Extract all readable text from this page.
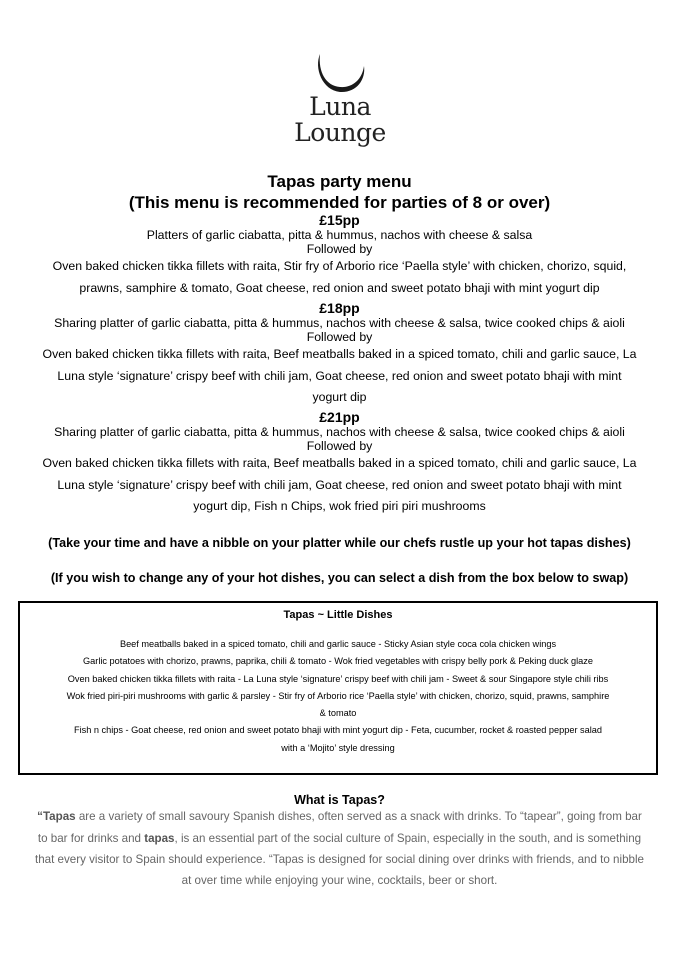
Luna
Lounge
Tapas party menu
(This menu is recommended for parties of 8 or over)
£15pp
Platters of garlic ciabatta, pitta & hummus, nachos with cheese & salsa
Followed by
Oven baked chicken tikka fillets with raita, Stir fry of Arborio rice ‘Paella style’ with chicken, chorizo, squid,
prawns, samphire & tomato, Goat cheese, red onion and sweet potato bhaji with mint yogurt dip
£18pp
Sharing platter of garlic ciabatta, pitta & hummus, nachos with cheese & salsa, twice cooked chips & aioli
Followed by
Oven baked chicken tikka fillets with raita, Beef meatballs baked in a spiced tomato, chili and garlic sauce, La
Luna style ‘signature’ crispy beef with chili jam, Goat cheese, red onion and sweet potato bhaji with mint
yogurt dip
£21pp
Sharing platter of garlic ciabatta, pitta & hummus, nachos with cheese & salsa, twice cooked chips & aioli
Followed by
Oven baked chicken tikka fillets with raita, Beef meatballs baked in a spiced tomato, chili and garlic sauce, La
Luna style ‘signature’ crispy beef with chili jam, Goat cheese, red onion and sweet potato bhaji with mint
yogurt dip, Fish n Chips, wok fried piri piri mushrooms
(Take your time and have a nibble on your platter while our chefs rustle up your hot tapas dishes)
(If you wish to change any of your hot dishes, you can select a dish from the box below to swap)
Tapas ~ Little Dishes
Beef meatballs baked in a spiced tomato, chili and garlic sauce - Sticky Asian style coca cola chicken wings
Garlic potatoes with chorizo, prawns, paprika, chili & tomato - Wok fried vegetables with crispy belly pork & Peking duck glaze
Oven baked chicken tikka fillets with raita - La Luna style ‘signature’ crispy beef with chili jam - Sweet & sour Singapore style chili ribs
Wok fried piri-piri mushrooms with garlic & parsley - Stir fry of Arborio rice ‘Paella style’ with chicken, chorizo, squid, prawns, samphire
& tomato
Fish n chips - Goat cheese, red onion and sweet potato bhaji with mint yogurt dip - Feta, cucumber, rocket & roasted pepper salad
with a ‘Mojito’ style dressing
What is Tapas?
“Tapas are a variety of small savoury Spanish dishes, often served as a snack with drinks. To “tapear”, going from bar
to bar for drinks and tapas, is an essential part of the social culture of Spain, especially in the south, and is something
that every visitor to Spain should experience. “Tapas is designed for social dining over drinks with friends, and to nibble
at over time while enjoying your wine, cocktails, beer or short.
